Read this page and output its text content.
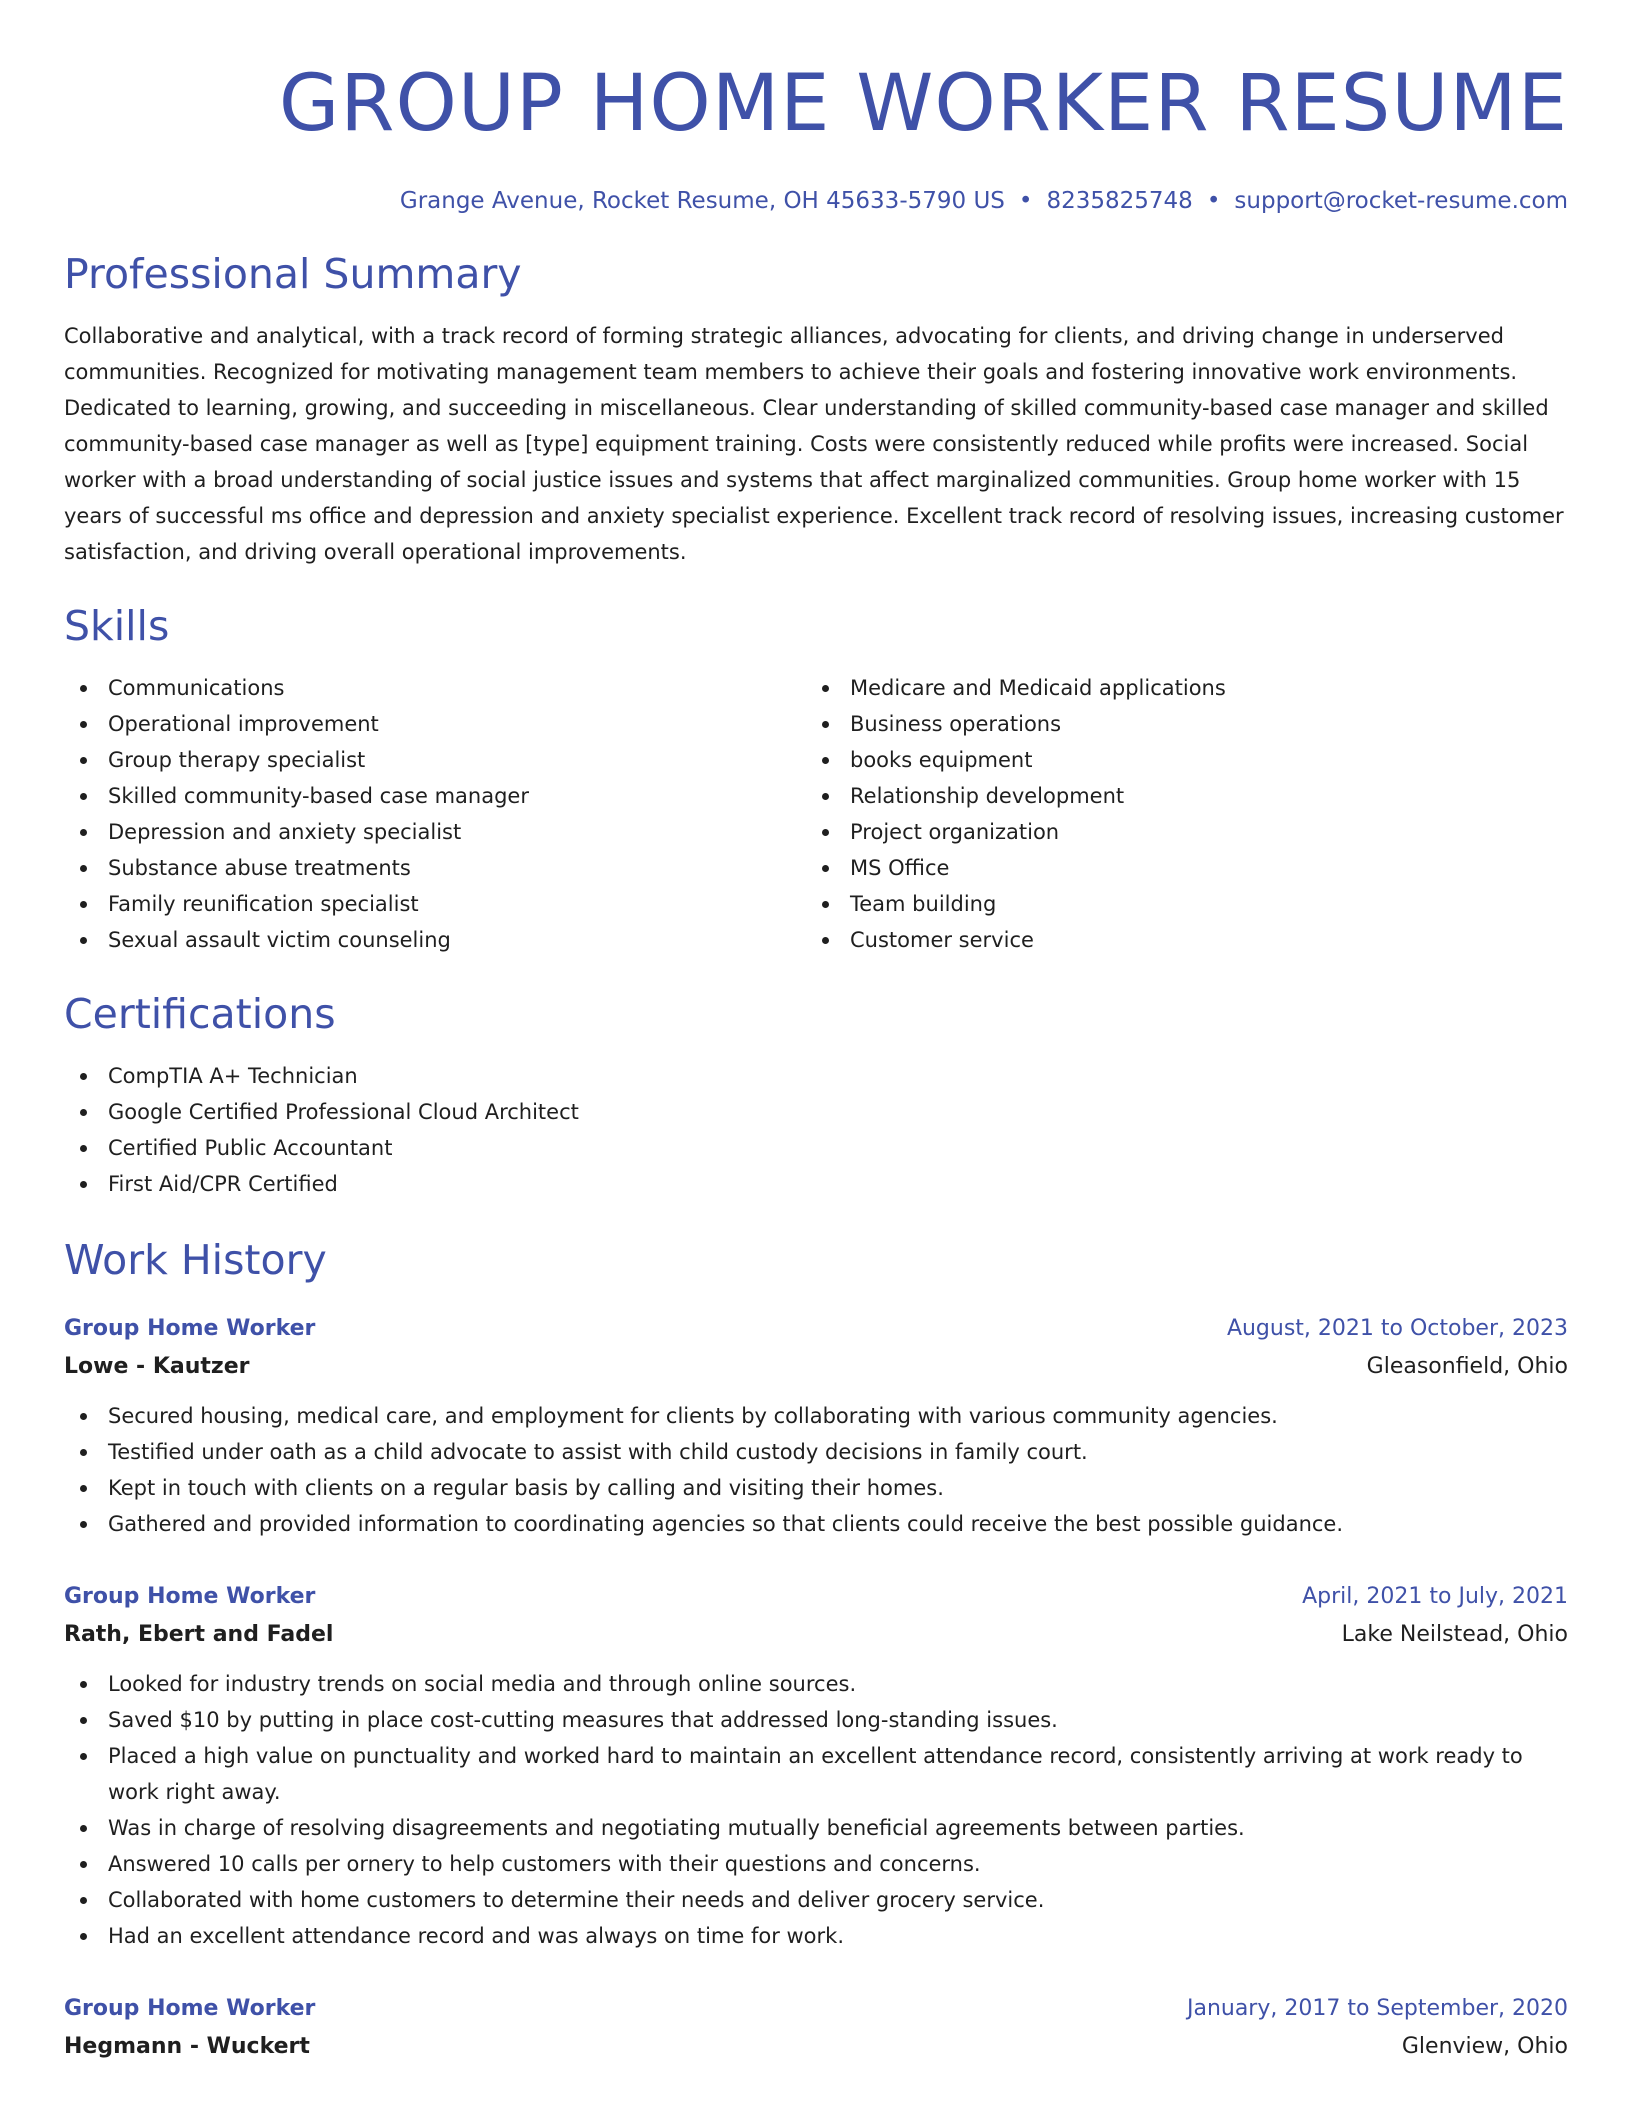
GROUP HOME WORKER RESUME
Grange Avenue, Rocket Resume, OH 45633-5790 US • 8235825748 • support@rocket-resume.com
Professional Summary
Collaborative and analytical, with a track record of forming strategic alliances, advocating for clients, and driving change in underserved communities. Recognized for motivating management team members to achieve their goals and fostering innovative work environments. Dedicated to learning, growing, and succeeding in miscellaneous. Clear understanding of skilled community-based case manager and skilled community-based case manager as well as [type] equipment training. Costs were consistently reduced while profits were increased. Social worker with a broad understanding of social justice issues and systems that affect marginalized communities. Group home worker with 15 years of successful ms office and depression and anxiety specialist experience. Excellent track record of resolving issues, increasing customer satisfaction, and driving overall operational improvements.
Skills
Communications
Operational improvement
Group therapy specialist
Skilled community-based case manager
Depression and anxiety specialist
Substance abuse treatments
Family reunification specialist
Sexual assault victim counseling
Medicare and Medicaid applications
Business operations
books equipment
Relationship development
Project organization
MS Office
Team building
Customer service
Certifications
CompTIA A+ Technician
Google Certified Professional Cloud Architect
Certified Public Accountant
First Aid/CPR Certified
Work History
Group Home Worker	August, 2021 to October, 2023
Lowe - Kautzer	Gleasonfield, Ohio
Secured housing, medical care, and employment for clients by collaborating with various community agencies.
Testified under oath as a child advocate to assist with child custody decisions in family court.
Kept in touch with clients on a regular basis by calling and visiting their homes.
Gathered and provided information to coordinating agencies so that clients could receive the best possible guidance.
Group Home Worker	April, 2021 to July, 2021
Rath, Ebert and Fadel	Lake Neilstead, Ohio
Looked for industry trends on social media and through online sources.
Saved $10 by putting in place cost-cutting measures that addressed long-standing issues.
Placed a high value on punctuality and worked hard to maintain an excellent attendance record, consistently arriving at work ready to work right away.
Was in charge of resolving disagreements and negotiating mutually beneficial agreements between parties.
Answered 10 calls per ornery to help customers with their questions and concerns.
Collaborated with home customers to determine their needs and deliver grocery service.
Had an excellent attendance record and was always on time for work.
Group Home Worker	January, 2017 to September, 2020
Hegmann - Wuckert	Glenview, Ohio
